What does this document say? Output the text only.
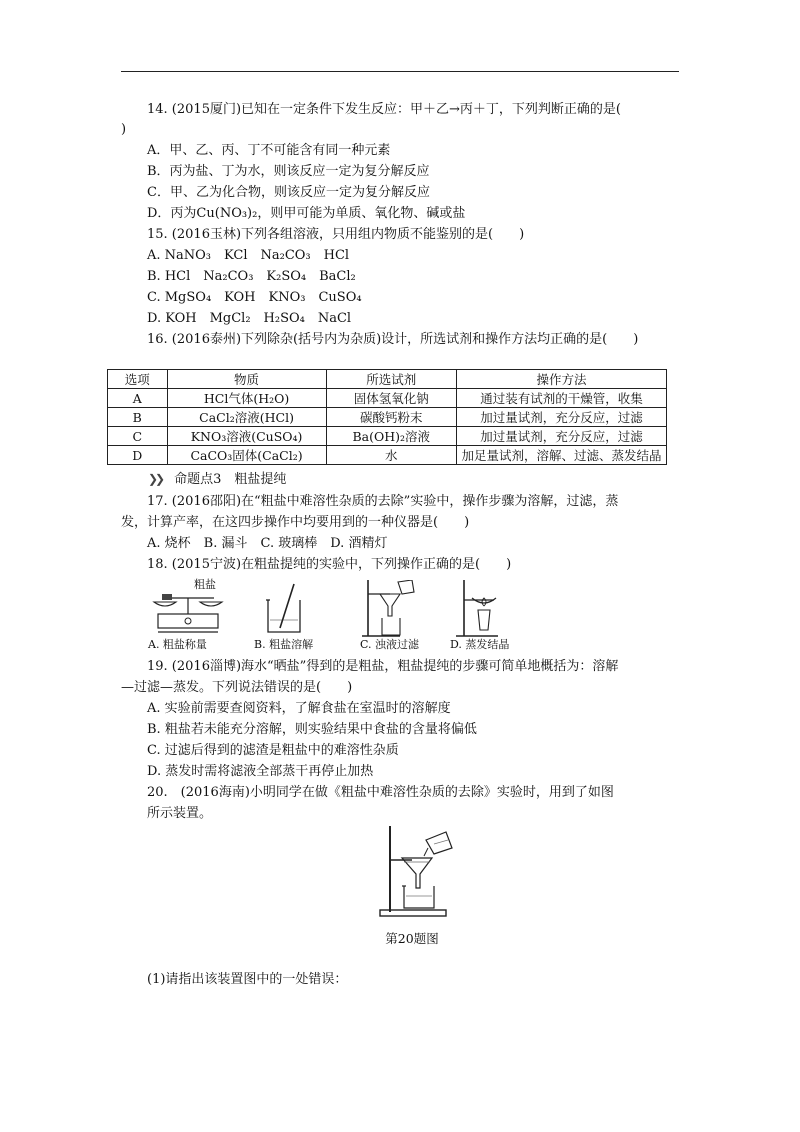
14. (2015厦门)已知在一定条件下发生反应：甲＋乙→丙＋丁，下列判断正确的是(
)
A．甲、乙、丙、丁不可能含有同一种元素
B．丙为盐、丁为水，则该反应一定为复分解反应
C．甲、乙为化合物，则该反应一定为复分解反应
D．丙为Cu(NO₃)₂，则甲可能为单质、氧化物、碱或盐
15. (2016玉林)下列各组溶液，只用组内物质不能鉴别的是(　　)
A. NaNO₃　KCl　Na₂CO₃　HCl
B. HCl　Na₂CO₃　K₂SO₄　BaCl₂
C. MgSO₄　KOH　KNO₃　CuSO₄
D. KOH　MgCl₂　H₂SO₄　NaCl
16. (2016泰州)下列除杂(括号内为杂质)设计，所选试剂和操作方法均正确的是(　　)
选项	物质	所选试剂	操作方法
A	HCl气体(H₂O)	固体氢氧化钠	通过装有试剂的干燥管，收集
B	CaCl₂溶液(HCl)	碳酸钙粉末	加过量试剂，充分反应，过滤
C	KNO₃溶液(CuSO₄)	Ba(OH)₂溶液	加过量试剂，充分反应，过滤
D	CaCO₃固体(CaCl₂)	水	加足量试剂，溶解、过滤、蒸发结晶
❯❯ 命题点3　粗盐提纯
17. (2016邵阳)在“粗盐中难溶性杂质的去除”实验中，操作步骤为溶解，过滤，蒸
发，计算产率，在这四步操作中均要用到的一种仪器是(　　)
A. 烧杯　B. 漏斗　C. 玻璃棒　D. 酒精灯
18. (2015宁波)在粗盐提纯的实验中，下列操作正确的是(　　)
粗盐
A. 粗盐称量	B. 粗盐溶解	C. 浊液过滤	D. 蒸发结晶
19. (2016淄博)海水“晒盐”得到的是粗盐，粗盐提纯的步骤可简单地概括为：溶解
—过滤—蒸发。下列说法错误的是(　　)
A. 实验前需要查阅资料，了解食盐在室温时的溶解度
B. 粗盐若未能充分溶解，则实验结果中食盐的含量将偏低
C. 过滤后得到的滤渣是粗盐中的难溶性杂质
D. 蒸发时需将滤液全部蒸干再停止加热
20.　(2016海南)小明同学在做《粗盐中难溶性杂质的去除》实验时，用到了如图
所示装置。
第20题图
(1)请指出该装置图中的一处错误：
